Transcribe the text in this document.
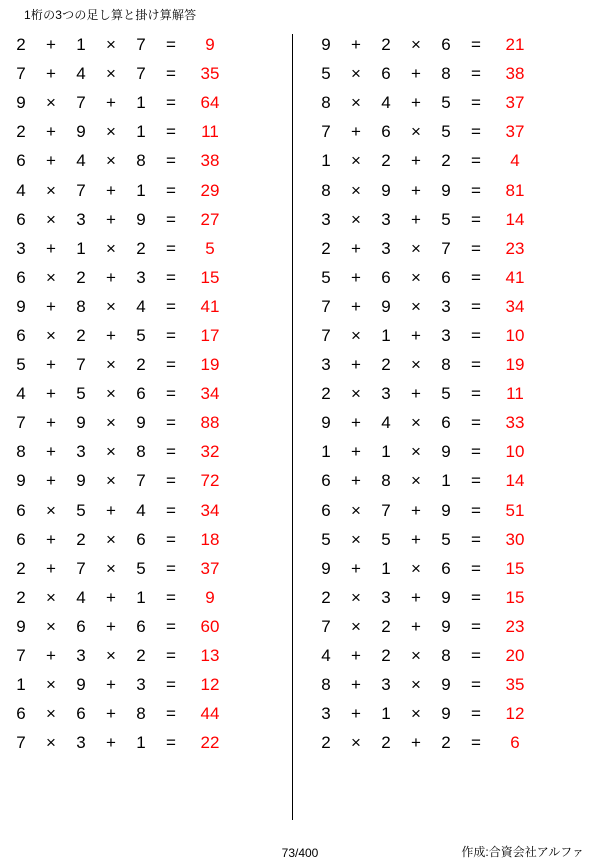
1桁の3つの足し算と掛け算解答
2	+	1	×	7	=	9
7	+	4	×	7	=	35
9	×	7	+	1	=	64
2	+	9	×	1	=	11
6	+	4	×	8	=	38
4	×	7	+	1	=	29
6	×	3	+	9	=	27
3	+	1	×	2	=	5
6	×	2	+	3	=	15
9	+	8	×	4	=	41
6	×	2	+	5	=	17
5	+	7	×	2	=	19
4	+	5	×	6	=	34
7	+	9	×	9	=	88
8	+	3	×	8	=	32
9	+	9	×	7	=	72
6	×	5	+	4	=	34
6	+	2	×	6	=	18
2	+	7	×	5	=	37
2	×	4	+	1	=	9
9	×	6	+	6	=	60
7	+	3	×	2	=	13
1	×	9	+	3	=	12
6	×	6	+	8	=	44
7	×	3	+	1	=	22
9	+	2	×	6	=	21
5	×	6	+	8	=	38
8	×	4	+	5	=	37
7	+	6	×	5	=	37
1	×	2	+	2	=	4
8	×	9	+	9	=	81
3	×	3	+	5	=	14
2	+	3	×	7	=	23
5	+	6	×	6	=	41
7	+	9	×	3	=	34
7	×	1	+	3	=	10
3	+	2	×	8	=	19
2	×	3	+	5	=	11
9	+	4	×	6	=	33
1	+	1	×	9	=	10
6	+	8	×	1	=	14
6	×	7	+	9	=	51
5	×	5	+	5	=	30
9	+	1	×	6	=	15
2	×	3	+	9	=	15
7	×	2	+	9	=	23
4	+	2	×	8	=	20
8	+	3	×	9	=	35
3	+	1	×	9	=	12
2	×	2	+	2	=	6
73/400	作成:合資会社アルファ
